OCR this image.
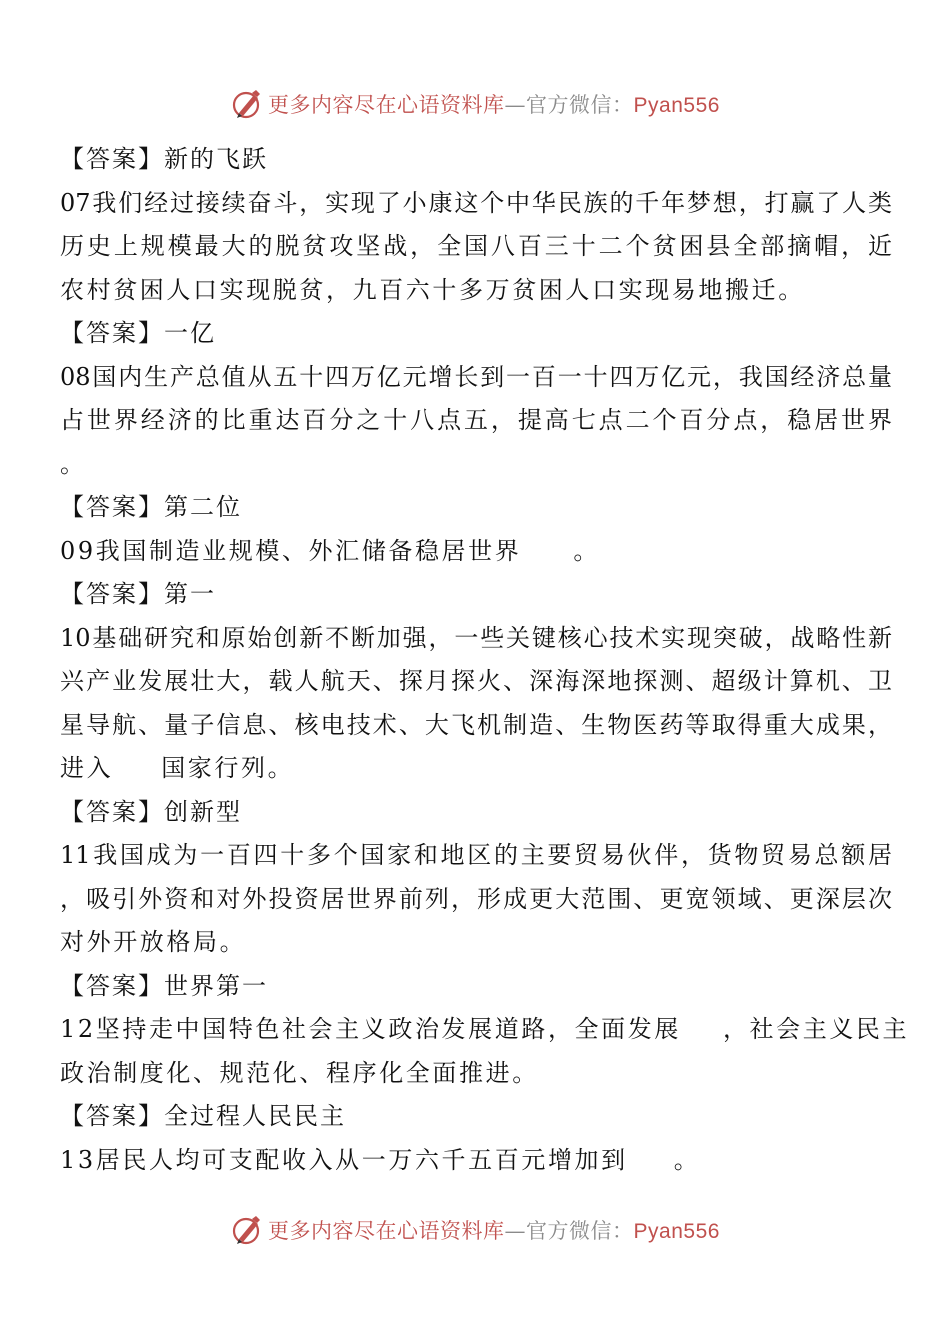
更多内容尽在心语资料库—官方微信：Pyan556
【答案】新的飞跃
07我们经过接续奋斗，实现了小康这个中华民族的千年梦想，打赢了人类
历史上规模最大的脱贫攻坚战，全国八百三十二个贫困县全部摘帽，近
农村贫困人口实现脱贫，九百六十多万贫困人口实现易地搬迁。
【答案】一亿
08国内生产总值从五十四万亿元增长到一百一十四万亿元，我国经济总量
占世界经济的比重达百分之十八点五，提高七点二个百分点，稳居世界
。
【答案】第二位
09我国制造业规模、外汇储备稳居世界 。
【答案】第一
10基础研究和原始创新不断加强，一些关键核心技术实现突破，战略性新
兴产业发展壮大，载人航天、探月探火、深海深地探测、超级计算机、卫
星导航、量子信息、核电技术、大飞机制造、生物医药等取得重大成果，
进入 国家行列。
【答案】创新型
11我国成为一百四十多个国家和地区的主要贸易伙伴，货物贸易总额居
，吸引外资和对外投资居世界前列，形成更大范围、更宽领域、更深层次
对外开放格局。
【答案】世界第一
12坚持走中国特色社会主义政治发展道路，全面发展 ，社会主义民主
政治制度化、规范化、程序化全面推进。
【答案】全过程人民民主
13居民人均可支配收入从一万六千五百元增加到 。
更多内容尽在心语资料库—官方微信：Pyan556
